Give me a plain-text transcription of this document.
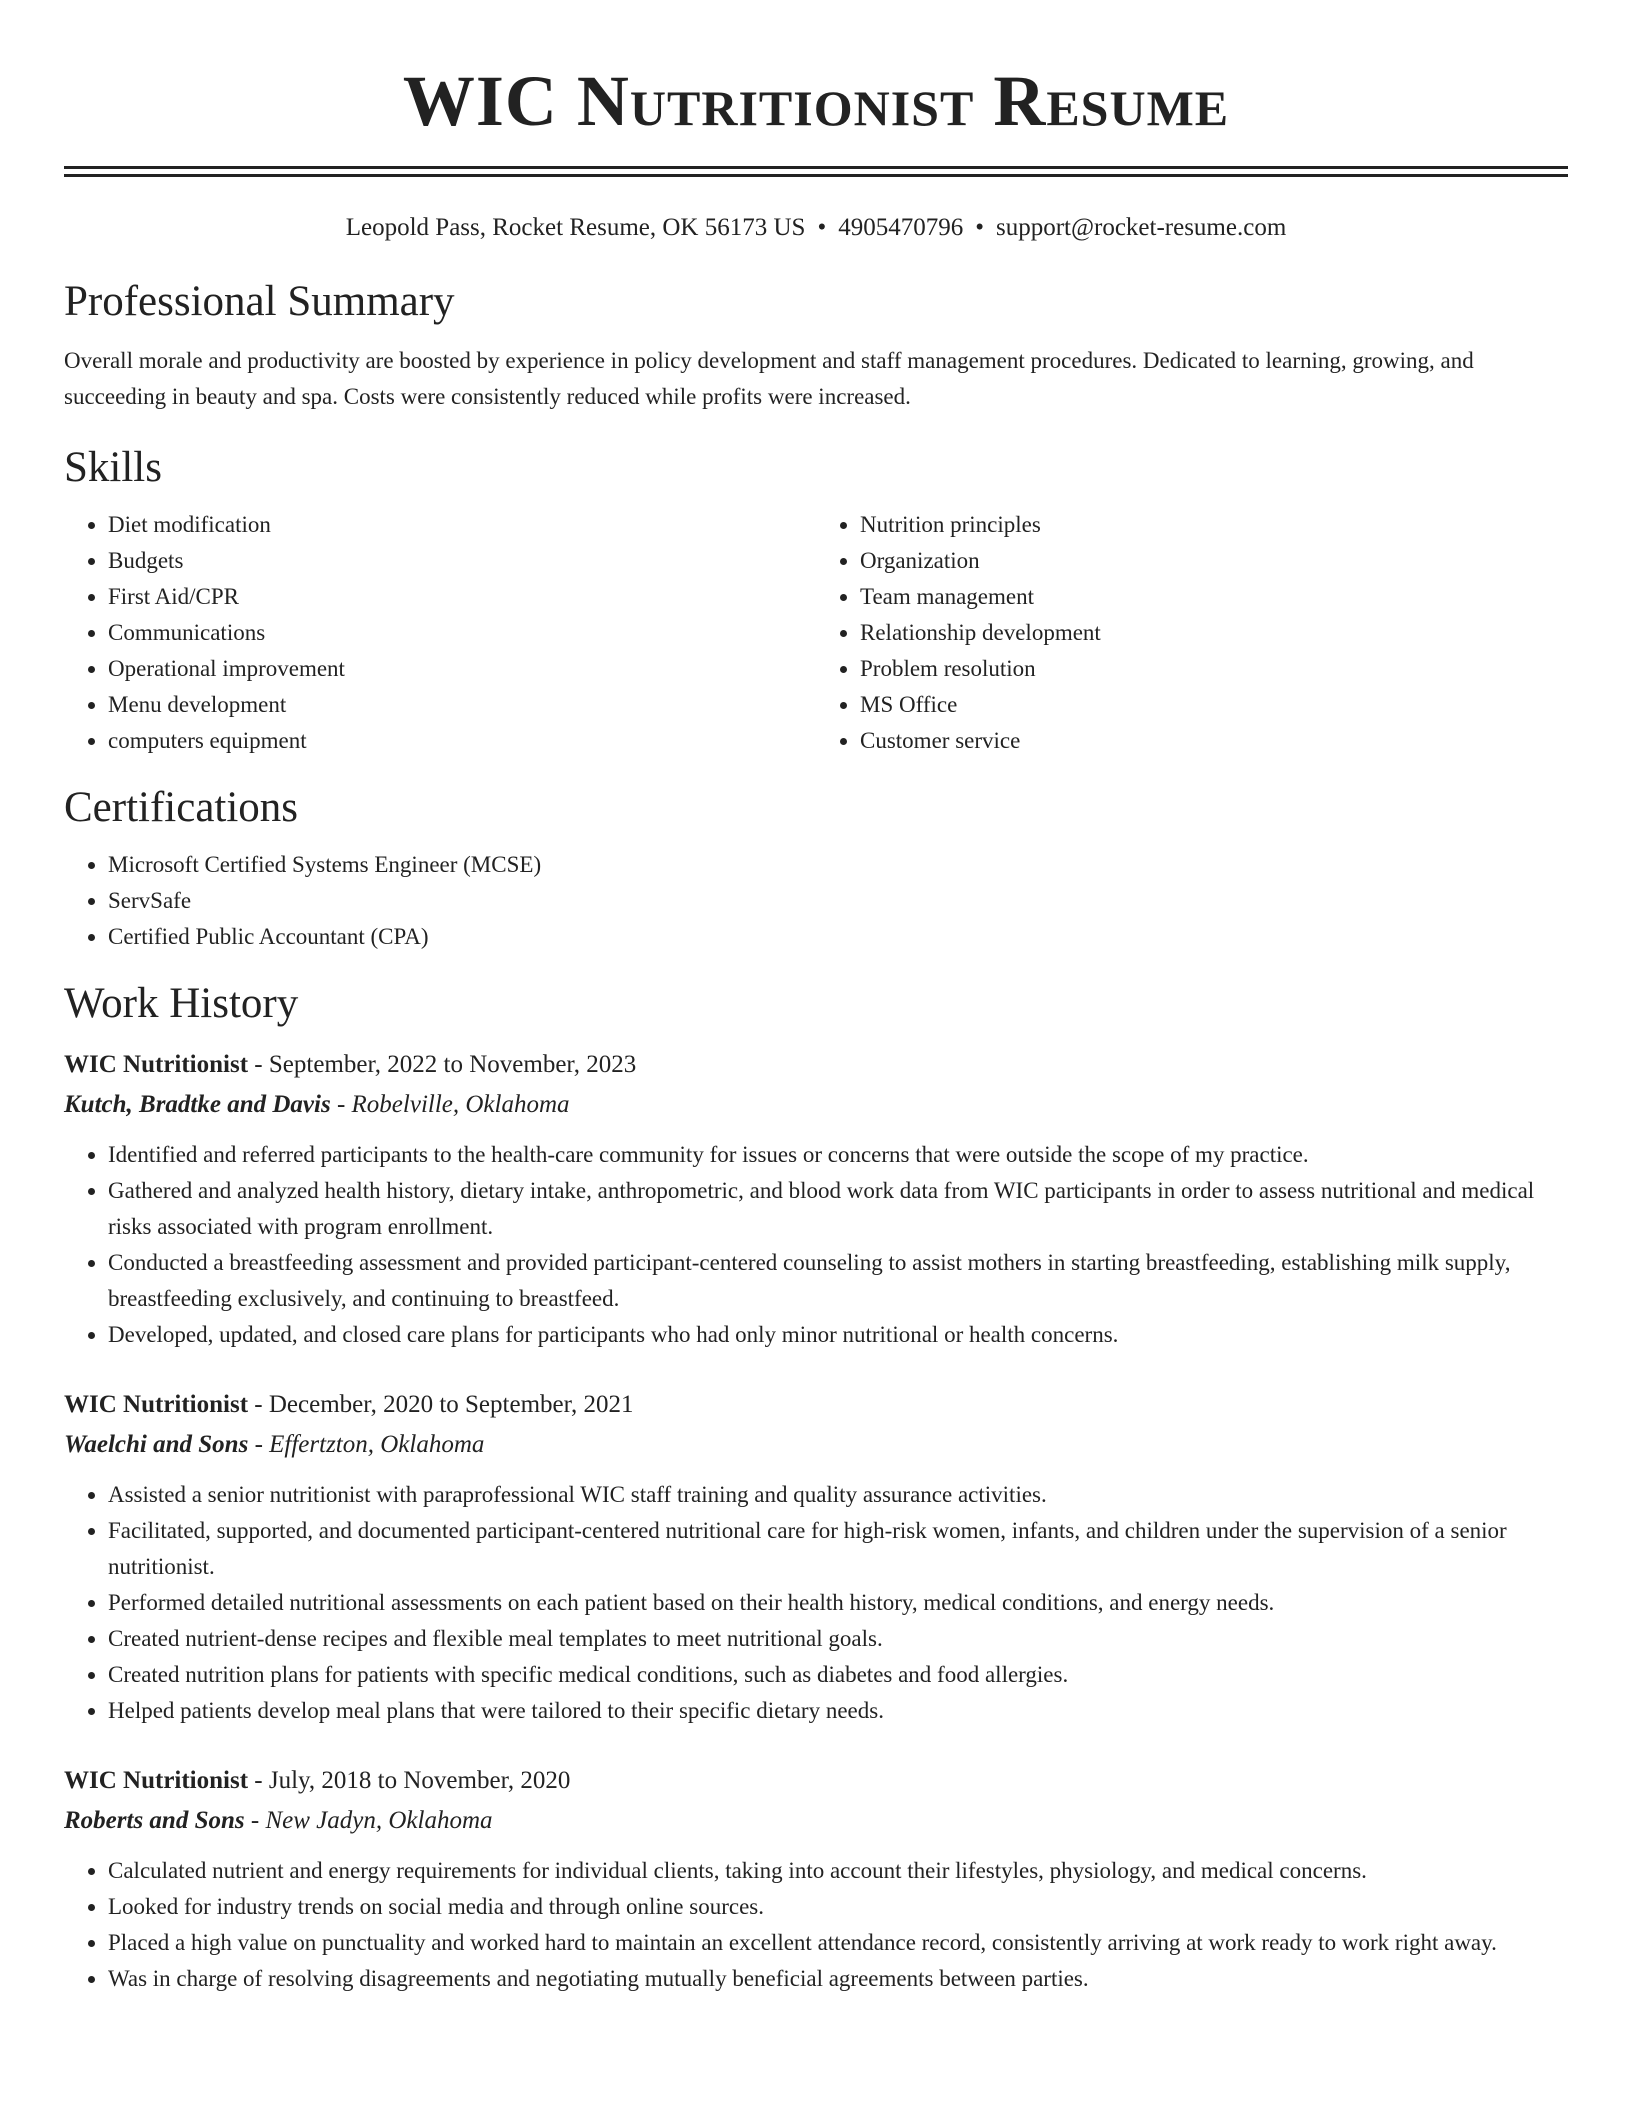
WIC Nutritionist Resume
Leopold Pass, Rocket Resume, OK 56173 US • 4905470796 • support@rocket-resume.com
Professional Summary

Overall morale and productivity are boosted by experience in policy development and staff management procedures. Dedicated to learning, growing, and succeeding in beauty and spa. Costs were consistently reduced while profits were increased.

Skills
• Diet modification
• Budgets
• First Aid/CPR
• Communications
• Operational improvement
• Menu development
• computers equipment
• Nutrition principles
• Organization
• Team management
• Relationship development
• Problem resolution
• MS Office
• Customer service
Certifications
• Microsoft Certified Systems Engineer (MCSE)
• ServSafe
• Certified Public Accountant (CPA)
Work History
WIC Nutritionist - September, 2022 to November, 2023
Kutch, Bradtke and Davis - Robelville, Oklahoma
• Identified and referred participants to the health-care community for issues or concerns that were outside the scope of my practice.
• Gathered and analyzed health history, dietary intake, anthropometric, and blood work data from WIC participants in order to assess nutritional and medical risks associated with program enrollment.
• Conducted a breastfeeding assessment and provided participant-centered counseling to assist mothers in starting breastfeeding, establishing milk supply, breastfeeding exclusively, and continuing to breastfeed.
• Developed, updated, and closed care plans for participants who had only minor nutritional or health concerns.
WIC Nutritionist - December, 2020 to September, 2021
Waelchi and Sons - Effertzton, Oklahoma
• Assisted a senior nutritionist with paraprofessional WIC staff training and quality assurance activities.
• Facilitated, supported, and documented participant-centered nutritional care for high-risk women, infants, and children under the supervision of a senior nutritionist.
• Performed detailed nutritional assessments on each patient based on their health history, medical conditions, and energy needs.
• Created nutrient-dense recipes and flexible meal templates to meet nutritional goals.
• Created nutrition plans for patients with specific medical conditions, such as diabetes and food allergies.
• Helped patients develop meal plans that were tailored to their specific dietary needs.
WIC Nutritionist - July, 2018 to November, 2020
Roberts and Sons - New Jadyn, Oklahoma
• Calculated nutrient and energy requirements for individual clients, taking into account their lifestyles, physiology, and medical concerns.
• Looked for industry trends on social media and through online sources.
• Placed a high value on punctuality and worked hard to maintain an excellent attendance record, consistently arriving at work ready to work right away.
• Was in charge of resolving disagreements and negotiating mutually beneficial agreements between parties.
